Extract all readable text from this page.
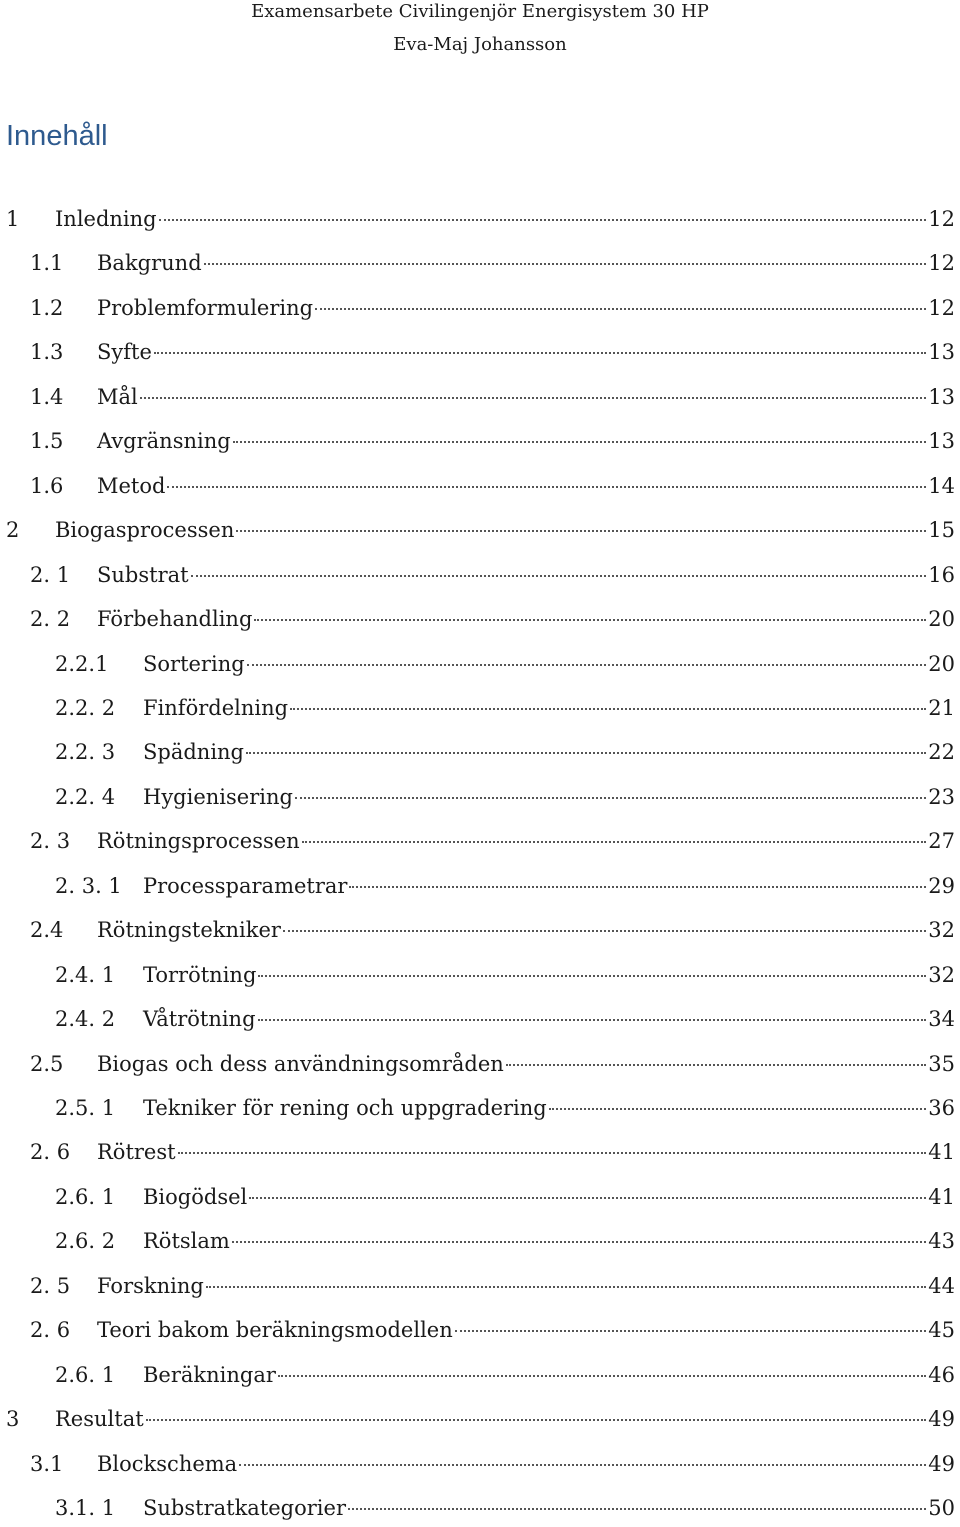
Examensarbete Civilingenjör Energisystem 30 HP
Eva-Maj Johansson
Innehåll
1 Inledning	12
1.1 Bakgrund	12
1.2 Problemformulering	12
1.3 Syfte	13
1.4 Mål	13
1.5 Avgränsning	13
1.6 Metod	14
2 Biogasprocessen	15
2. 1 Substrat	16
2. 2 Förbehandling	20
2.2.1 Sortering	20
2.2. 2 Finfördelning	21
2.2. 3 Spädning	22
2.2. 4 Hygienisering	23
2. 3 Rötningsprocessen	27
2. 3. 1 Processparametrar	29
2.4 Rötningstekniker	32
2.4. 1 Torrötning	32
2.4. 2 Våtrötning	34
2.5 Biogas och dess användningsområden	35
2.5. 1 Tekniker för rening och uppgradering	36
2. 6 Rötrest	41
2.6. 1 Biogödsel	41
2.6. 2 Rötslam	43
2. 5 Forskning	44
2. 6 Teori bakom beräkningsmodellen	45
2.6. 1 Beräkningar	46
3 Resultat	49
3.1 Blockschema	49
3.1. 1 Substratkategorier	50
